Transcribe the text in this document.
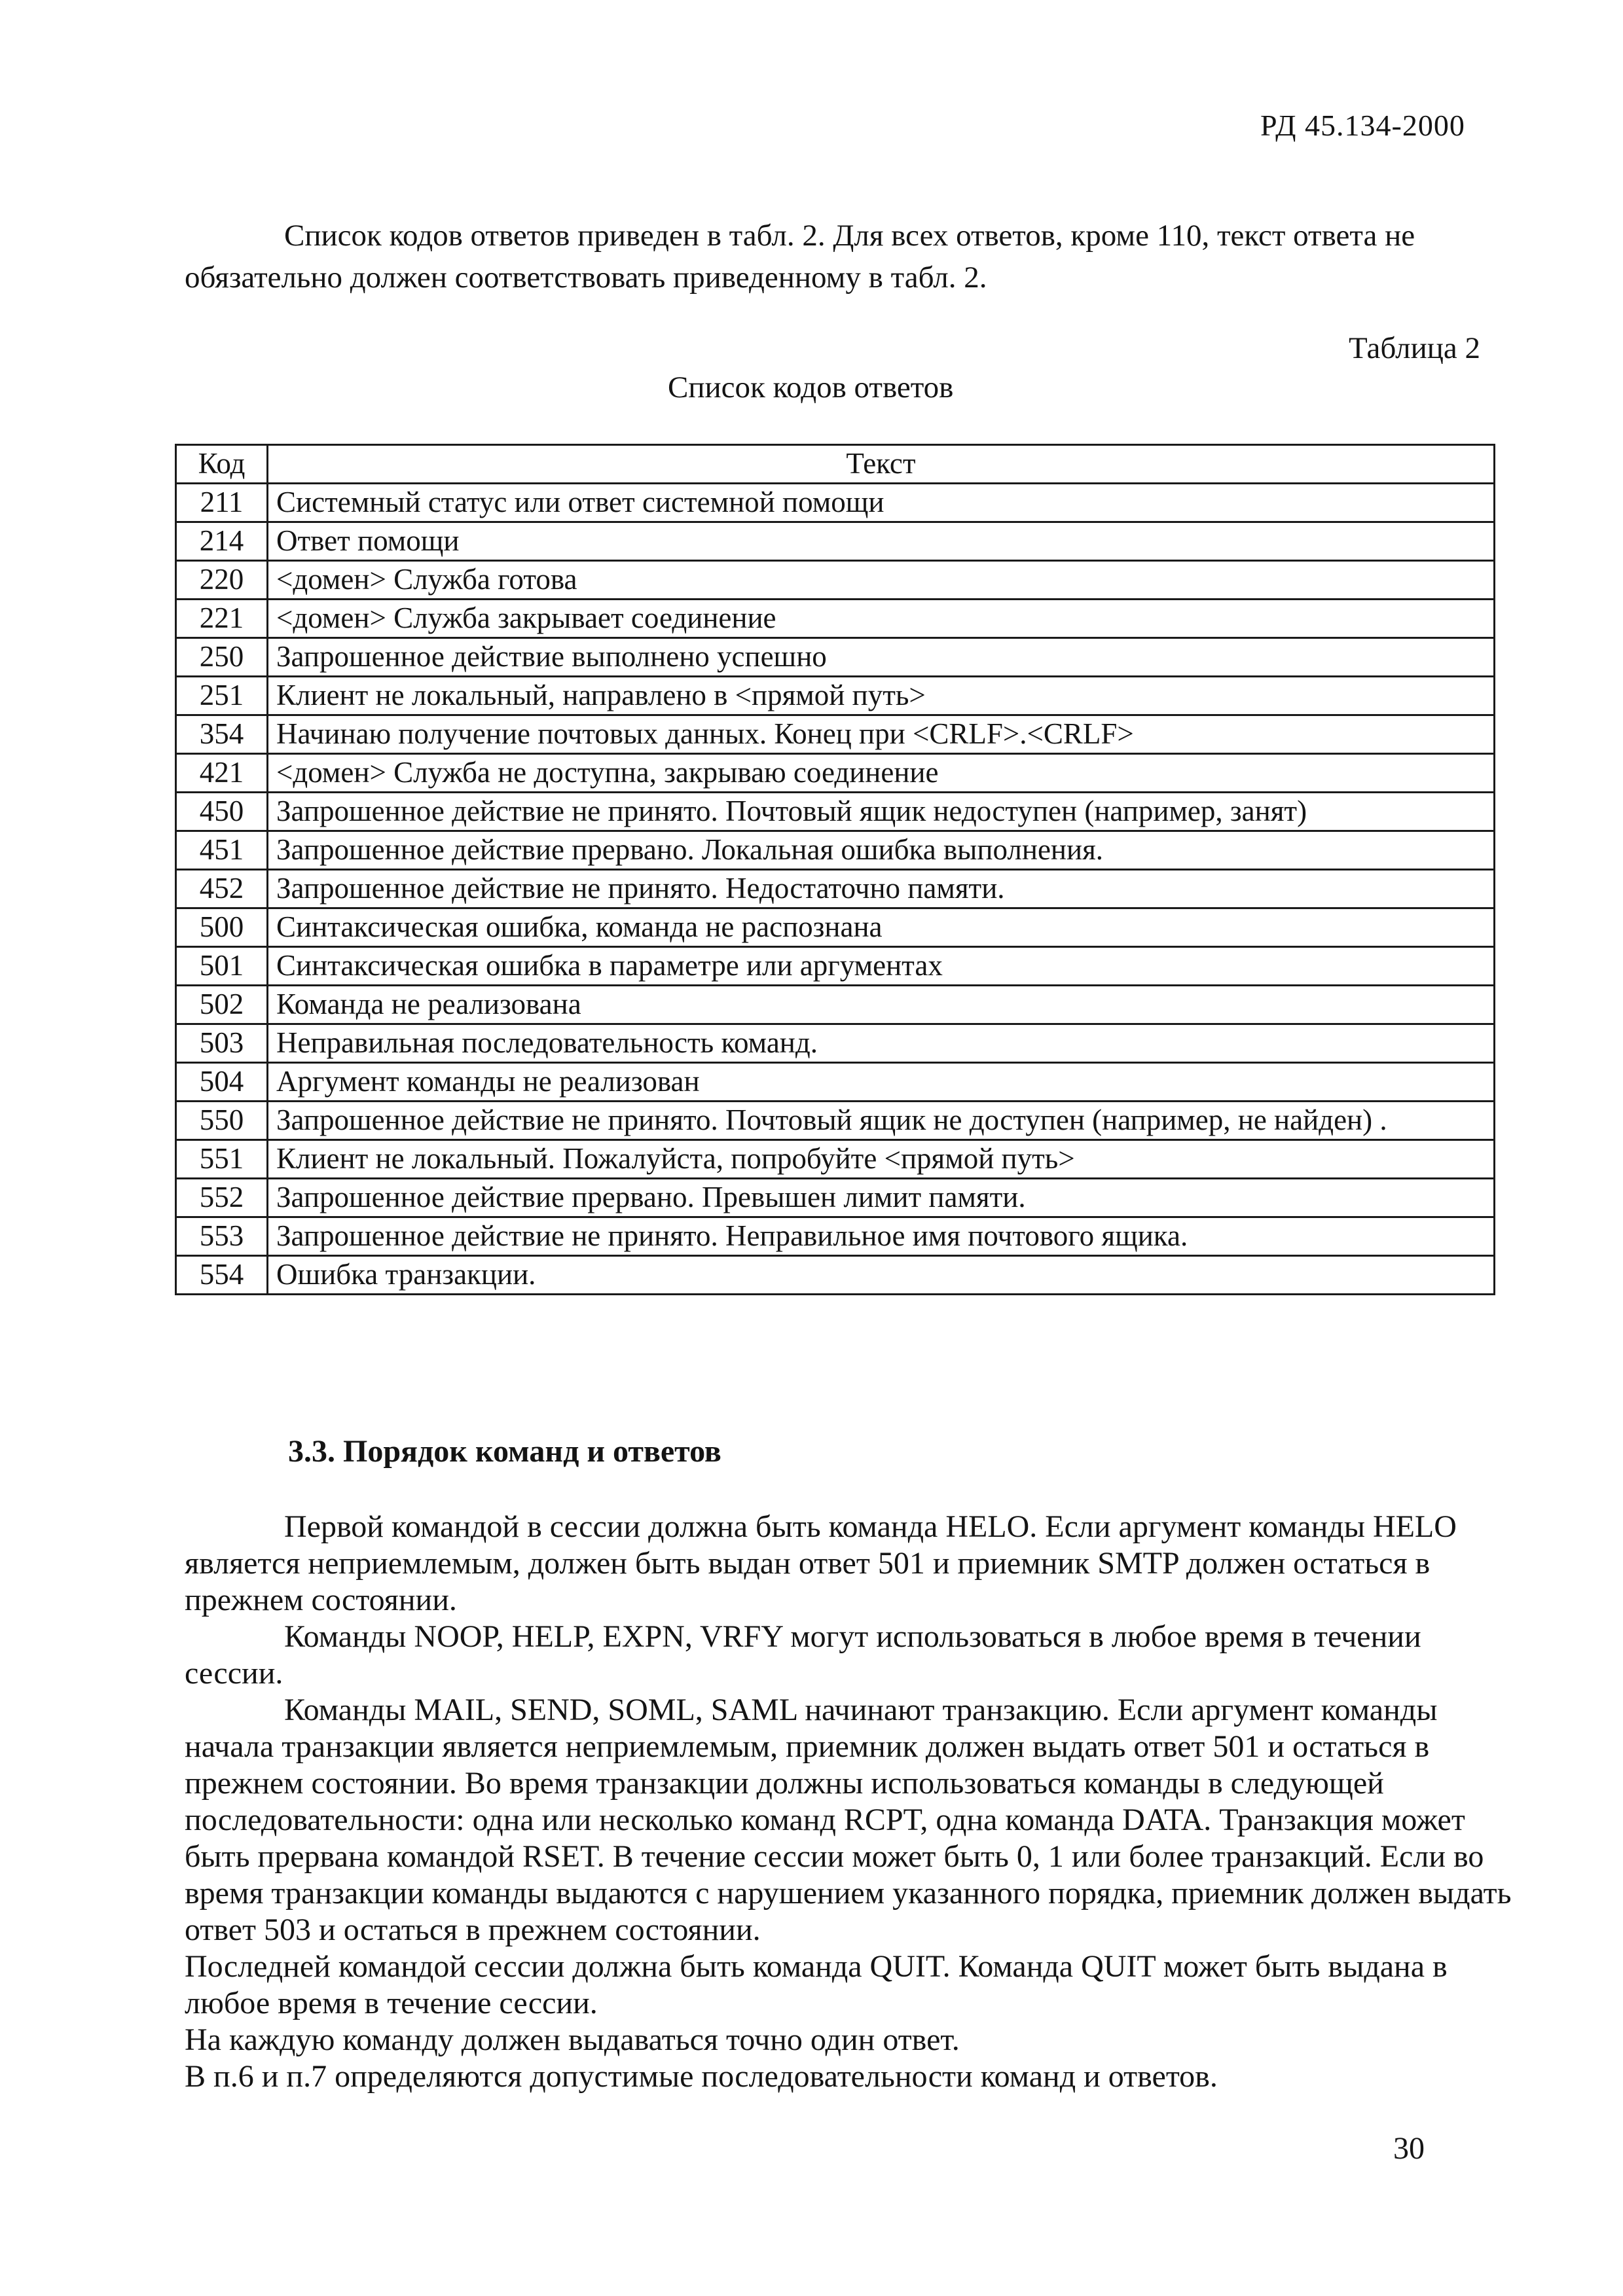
РД 45.134-2000

Список кодов ответов приведен в табл. 2. Для всех ответов, кроме 110, текст ответа не обязательно должен соответствовать приведенному в табл. 2.

Таблица 2
Список кодов ответов
Код	Текст
211	Системный статус или ответ системной помощи
214	Ответ помощи
220	<домен> Служба готова
221	<домен> Служба закрывает соединение
250	Запрошенное действие выполнено успешно
251	Клиент не локальный, направлено в <прямой путь>
354	Начинаю получение почтовых данных. Конец при <CRLF>.<CRLF>
421	<домен> Служба не доступна, закрываю соединение
450	Запрошенное действие не принято. Почтовый ящик недоступен (например, занят)
451	Запрошенное действие прервано. Локальная ошибка выполнения.
452	Запрошенное действие не принято. Недостаточно памяти.
500	Синтаксическая ошибка, команда не распознана
501	Синтаксическая ошибка в параметре или аргументах
502	Команда не реализована
503	Неправильная последовательность команд.
504	Аргумент команды не реализован
550	Запрошенное действие не принято. Почтовый ящик не доступен (например, не найден) .
551	Клиент не локальный. Пожалуйста, попробуйте <прямой путь>
552	Запрошенное действие прервано. Превышен лимит памяти.
553	Запрошенное действие не принято. Неправильное имя почтового ящика.
554	Ошибка транзакции.
3.3. Порядок команд и ответов

Первой командой в сессии должна быть команда HELO. Если аргумент команды HELO является неприемлемым, должен быть выдан ответ 501 и приемник SMTP должен остаться в прежнем состоянии.

Команды NOOP, HELP, EXPN, VRFY могут использоваться в любое время в течении сессии.

Команды MAIL, SEND, SOML, SAML начинают транзакцию. Если аргумент команды начала транзакции является неприемлемым, приемник должен выдать ответ 501 и остаться в прежнем состоянии. Во время транзакции должны использоваться команды в следующей последовательности: одна или несколько команд RCPT, одна команда DATA. Транзакция может быть прервана командой RSET. В течение сессии может быть 0, 1 или более транзакций. Если во время транзакции команды выдаются с нарушением указанного порядка, приемник должен выдать ответ 503 и остаться в прежнем состоянии.

Последней командой сессии должна быть команда QUIT. Команда QUIT может быть выдана в любое время в течение сессии.

На каждую команду должен выдаваться точно один ответ.

В п.6 и п.7 определяются допустимые последовательности команд и ответов.

30
